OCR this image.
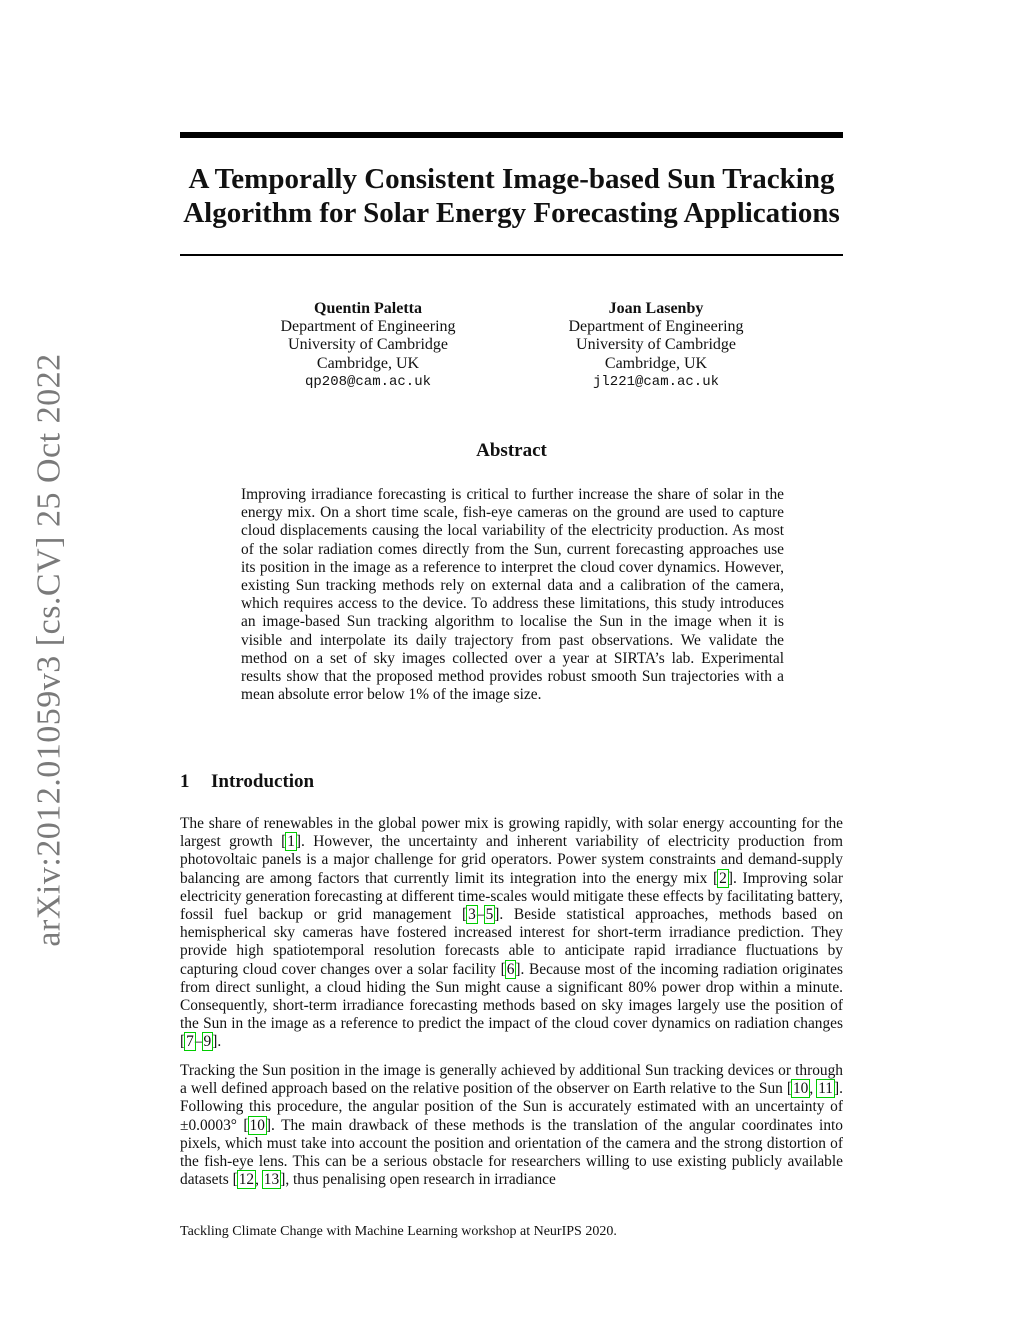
arXiv:2012.01059v3 [cs.CV] 25 Oct 2022
A Temporally Consistent Image-based Sun Tracking Algorithm for Solar Energy Forecasting Applications
Quentin Paletta
Department of Engineering
University of Cambridge
Cambridge, UK
qp208@cam.ac.uk
Joan Lasenby
Department of Engineering
University of Cambridge
Cambridge, UK
jl221@cam.ac.uk
Abstract

Improving irradiance forecasting is critical to further increase the share of solar in the energy mix. On a short time scale, fish-eye cameras on the ground are used to capture cloud displacements causing the local variability of the electricity production. As most of the solar radiation comes directly from the Sun, current forecasting approaches use its position in the image as a reference to interpret the cloud cover dynamics. However, existing Sun tracking methods rely on external data and a calibration of the camera, which requires access to the device. To address these limitations, this study introduces an image-based Sun tracking algorithm to localise the Sun in the image when it is visible and interpolate its daily trajectory from past observations. We validate the method on a set of sky images collected over a year at SIRTA’s lab. Experimental results show that the proposed method provides robust smooth Sun trajectories with a mean absolute error below 1% of the image size.

1 Introduction

The share of renewables in the global power mix is growing rapidly, with solar energy accounting for the largest growth [1]. However, the uncertainty and inherent variability of electricity production from photovoltaic panels is a major challenge for grid operators. Power system constraints and demand-supply balancing are among factors that currently limit its integration into the energy mix [2]. Improving solar electricity generation forecasting at different time-scales would mitigate these effects by facilitating battery, fossil fuel backup or grid management [3–5]. Beside statistical approaches, methods based on hemispherical sky cameras have fostered increased interest for short-term irradiance prediction. They provide high spatiotemporal resolution forecasts able to anticipate rapid irradiance fluctuations by capturing cloud cover changes over a solar facility [6]. Because most of the incoming radiation originates from direct sunlight, a cloud hiding the Sun might cause a significant 80% power drop within a minute. Consequently, short-term irradiance forecasting methods based on sky images largely use the position of the Sun in the image as a reference to predict the impact of the cloud cover dynamics on radiation changes [7–9].

Tracking the Sun position in the image is generally achieved by additional Sun tracking devices or through a well defined approach based on the relative position of the observer on Earth relative to the Sun [10, 11]. Following this procedure, the angular position of the Sun is accurately estimated with an uncertainty of ±0.0003° [10]. The main drawback of these methods is the translation of the angular coordinates into pixels, which must take into account the position and orientation of the camera and the strong distortion of the fish-eye lens. This can be a serious obstacle for researchers willing to use existing publicly available datasets [12, 13], thus penalising open research in irradiance

Tackling Climate Change with Machine Learning workshop at NeurIPS 2020.
